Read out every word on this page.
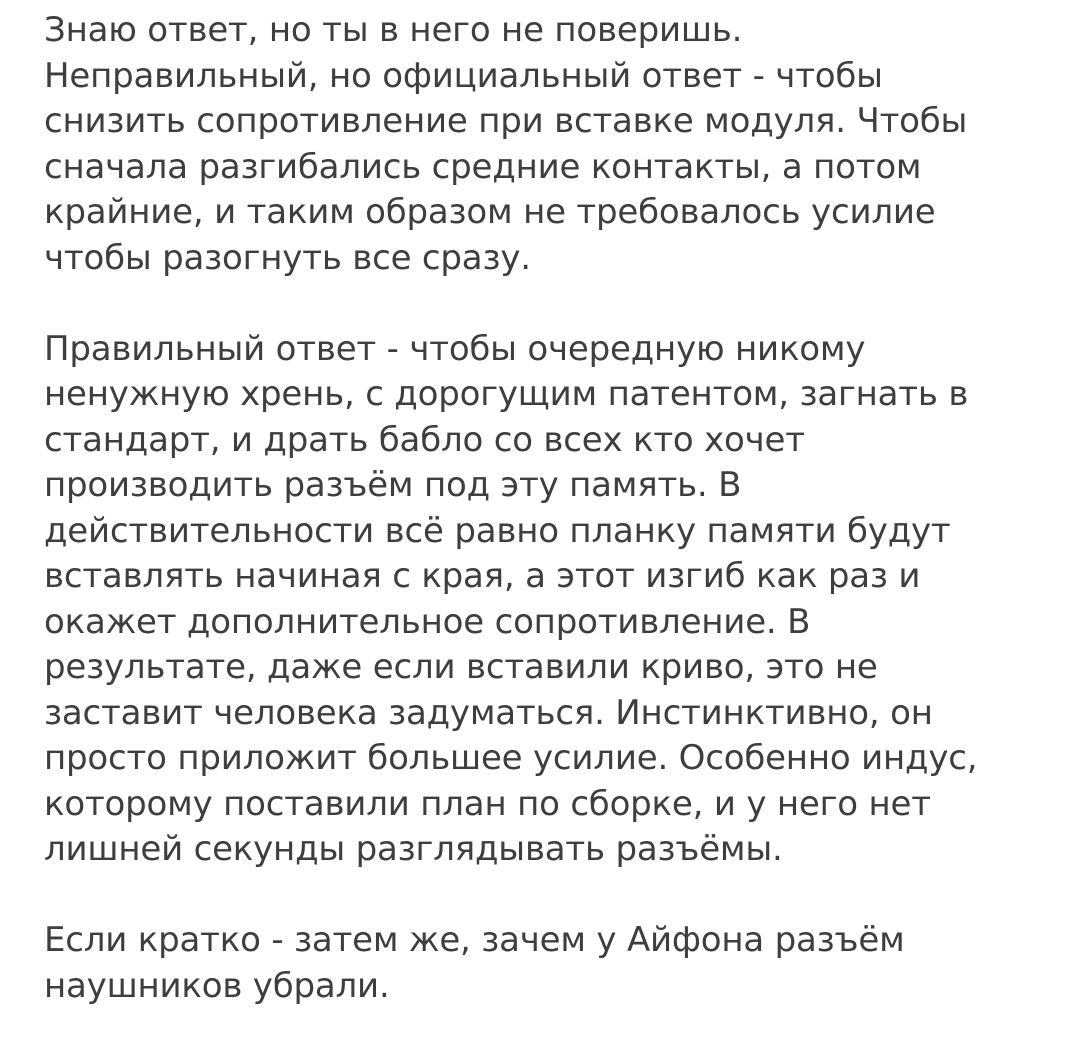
Знаю ответ, но ты в него не поверишь.
Неправильный, но официальный ответ - чтобы
снизить сопротивление при вставке модуля. Чтобы
сначала разгибались средние контакты, а потом
крайние, и таким образом не требовалось усилие
чтобы разогнуть все сразу.
Правильный ответ - чтобы очередную никому
ненужную хрень, с дорогущим патентом, загнать в
стандарт, и драть бабло со всех кто хочет
производить разъём под эту память. В
действительности всё равно планку памяти будут
вставлять начиная с края, а этот изгиб как раз и
окажет дополнительное сопротивление. В
результате, даже если вставили криво, это не
заставит человека задуматься. Инстинктивно, он
просто приложит большее усилие. Особенно индус,
которому поставили план по сборке, и у него нет
лишней секунды разглядывать разъёмы.
Если кратко - затем же, зачем у Айфона разъём
наушников убрали.
